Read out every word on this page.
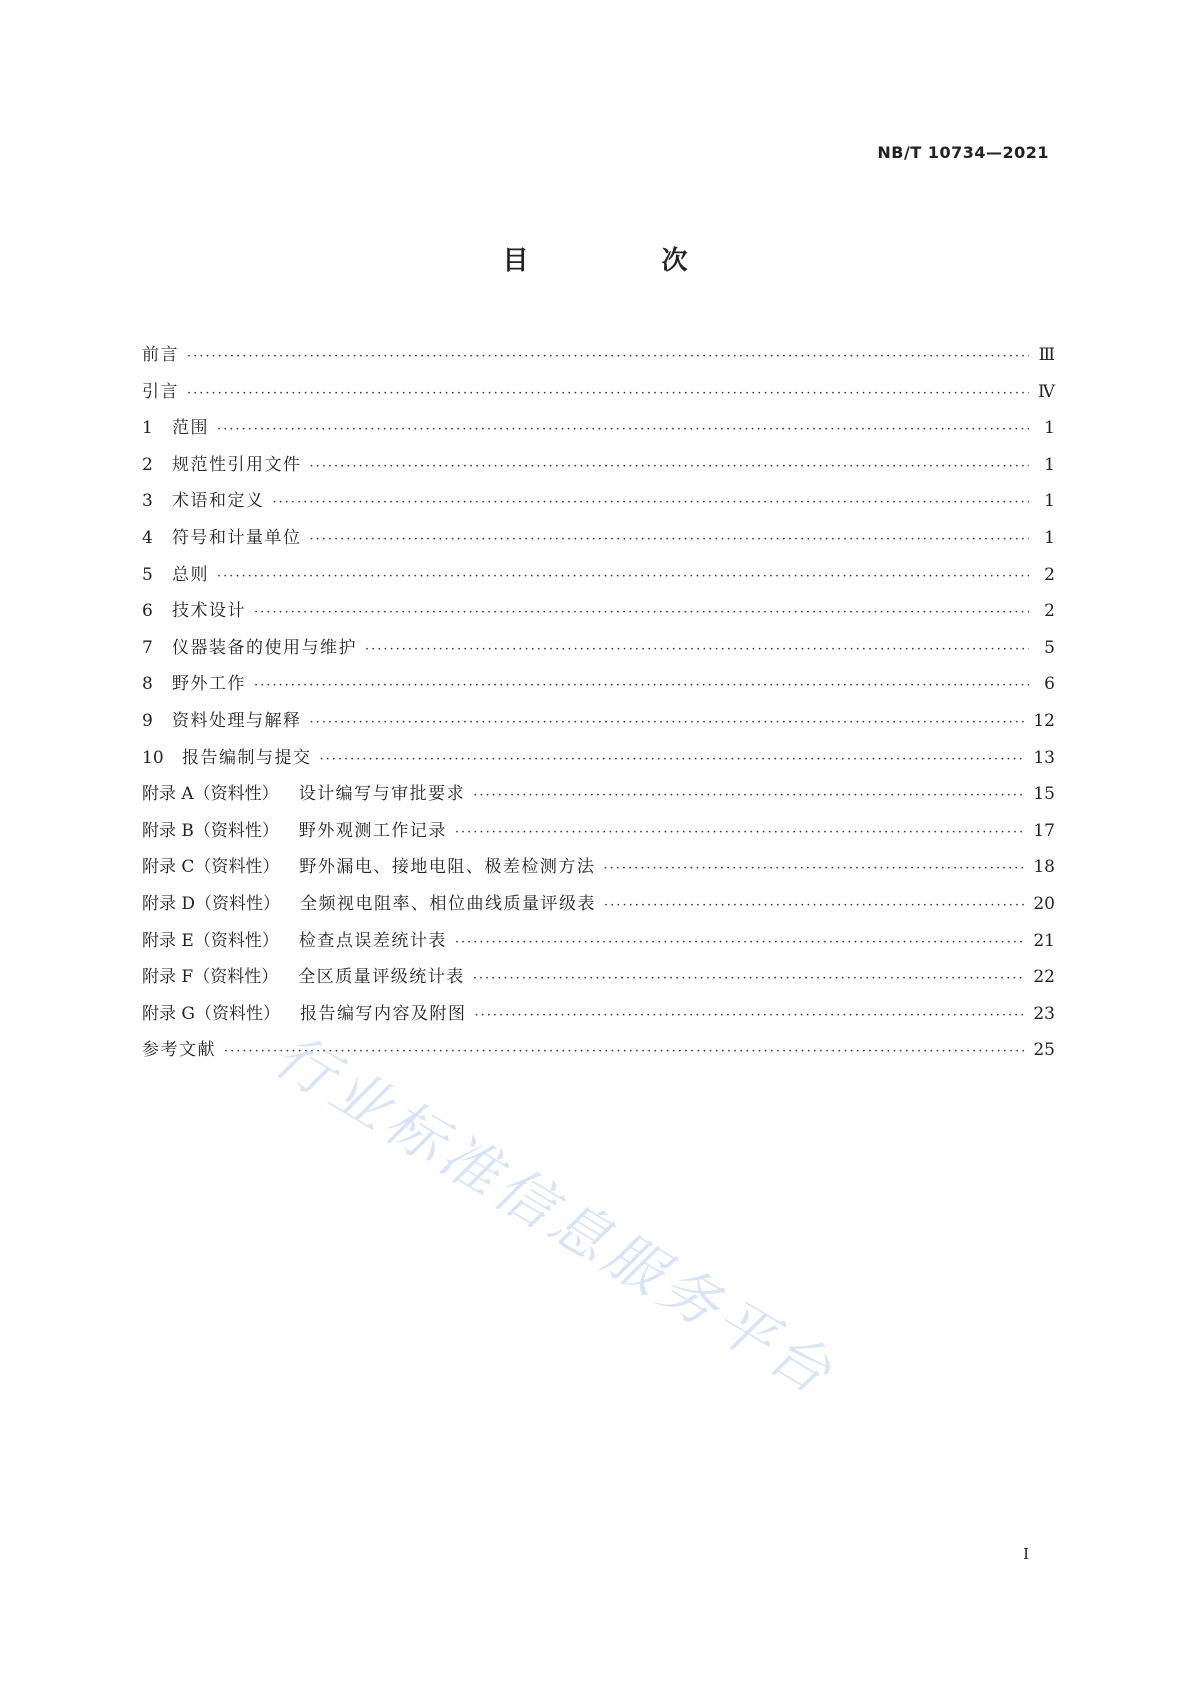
NB/T 10734—2021
目 次
前言 ·····	Ⅲ
引言 ·····	Ⅳ
1	范围 ·····	1
2	规范性引用文件 ·····	1
3	术语和定义 ·····	1
4	符号和计量单位 ·····	1
5	总则 ·····	2
6	技术设计 ·····	2
7	仪器装备的使用与维护 ·····	5
8	野外工作 ·····	6
9	资料处理与解释 ·····	12
10	报告编制与提交 ·····	13
附录 A（资料性） 设计编写与审批要求 ·····	15
附录 B（资料性） 野外观测工作记录 ·····	17
附录 C（资料性） 野外漏电、接地电阻、极差检测方法 ·····	18
附录 D（资料性） 全频视电阻率、相位曲线质量评级表 ·····	20
附录 E（资料性） 检查点误差统计表 ·····	21
附录 F（资料性） 全区质量评级统计表 ·····	22
附录 G（资料性） 报告编写内容及附图 ·····	23
参考文献 ·····	25
行业标准信息服务平台
I
